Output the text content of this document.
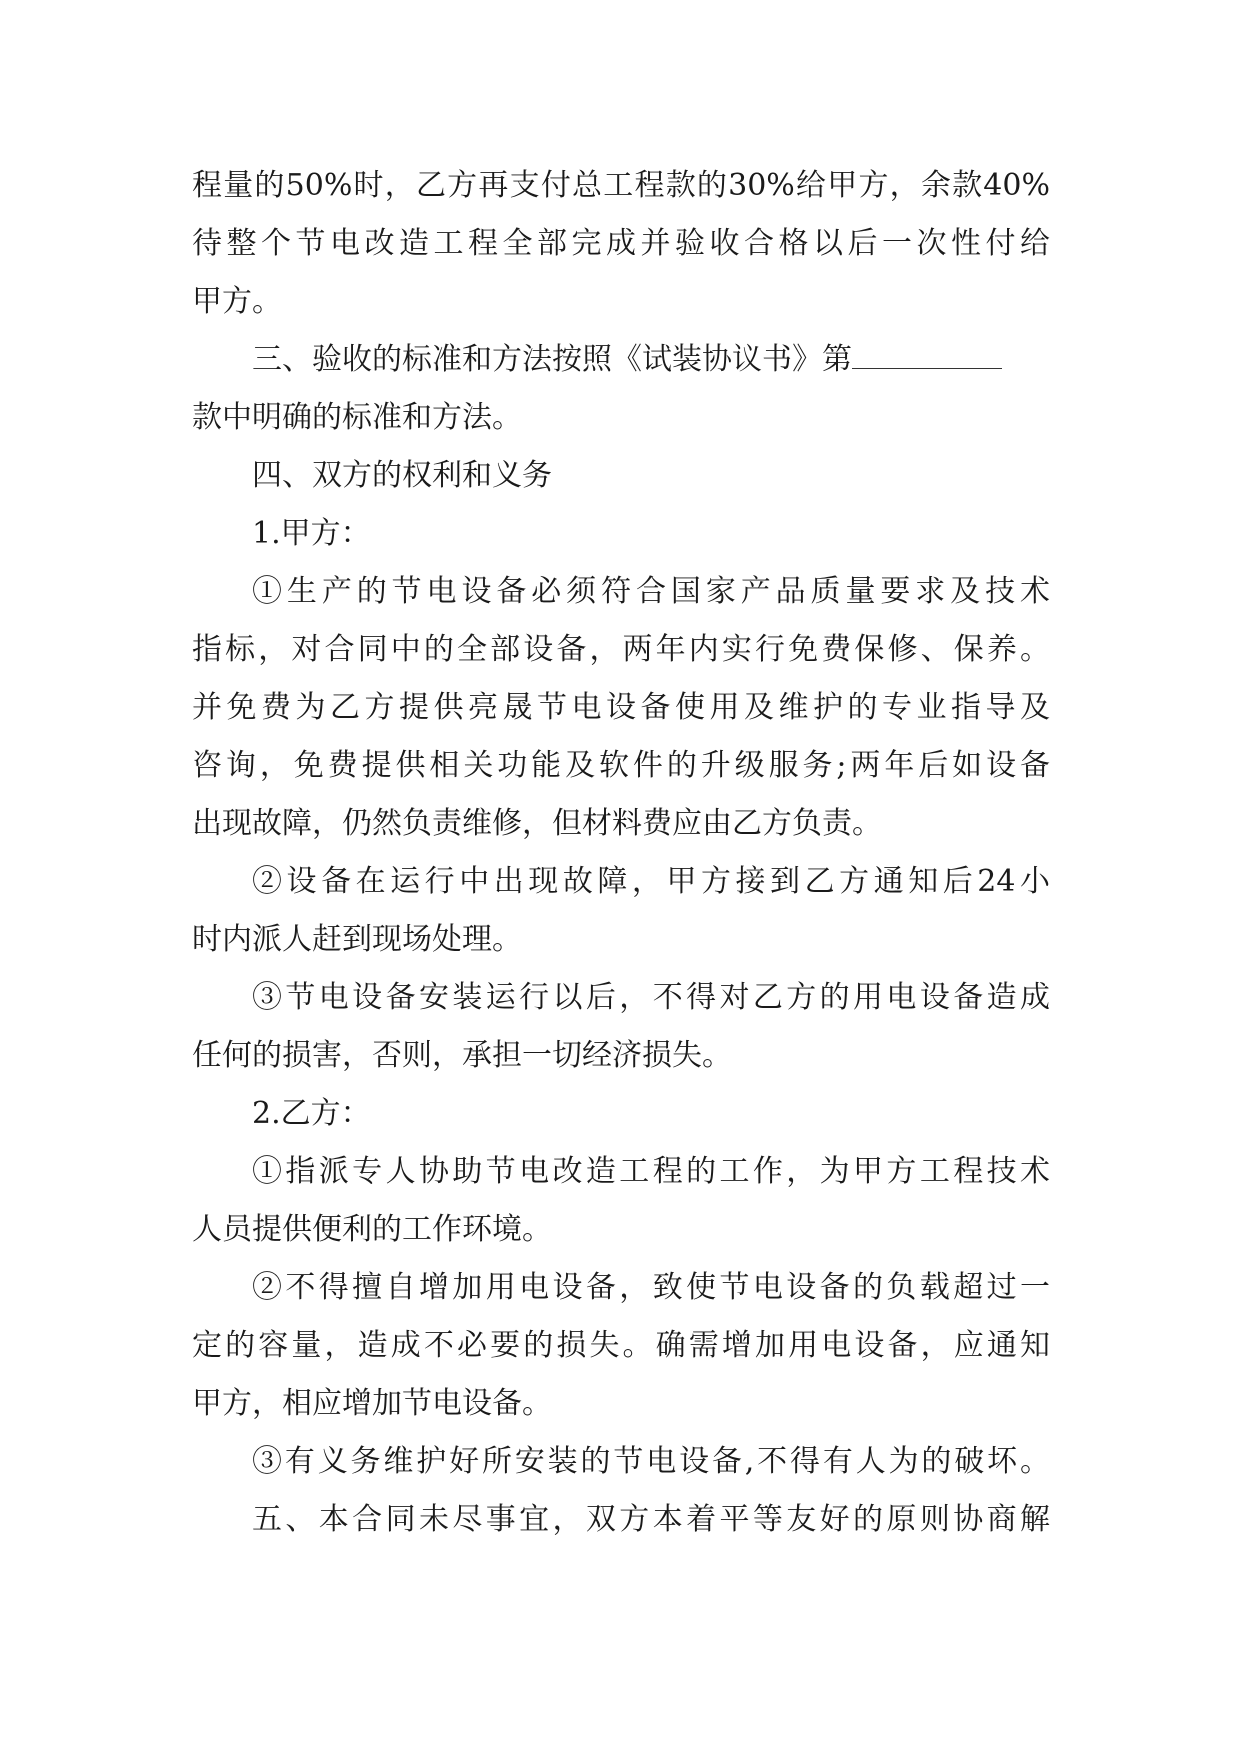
程量的50%时，乙方再支付总工程款的30%给甲方，余款40%

待整个节电改造工程全部完成并验收合格以后一次性付给

甲方。

三、验收的标准和方法按照《试装协议书》第

款中明确的标准和方法。

四、双方的权利和义务

1.甲方：

①生产的节电设备必须符合国家产品质量要求及技术

指标，对合同中的全部设备，两年内实行免费保修、保养。

并免费为乙方提供亮晟节电设备使用及维护的专业指导及

咨询，免费提供相关功能及软件的升级服务;两年后如设备

出现故障，仍然负责维修，但材料费应由乙方负责。

②设备在运行中出现故障，甲方接到乙方通知后24小

时内派人赶到现场处理。

③节电设备安装运行以后，不得对乙方的用电设备造成

任何的损害，否则，承担一切经济损失。

2.乙方：

①指派专人协助节电改造工程的工作，为甲方工程技术

人员提供便利的工作环境。

②不得擅自增加用电设备，致使节电设备的负载超过一

定的容量，造成不必要的损失。确需增加用电设备，应通知

甲方，相应增加节电设备。

③有义务维护好所安装的节电设备,不得有人为的破坏。

五、本合同未尽事宜，双方本着平等友好的原则协商解
